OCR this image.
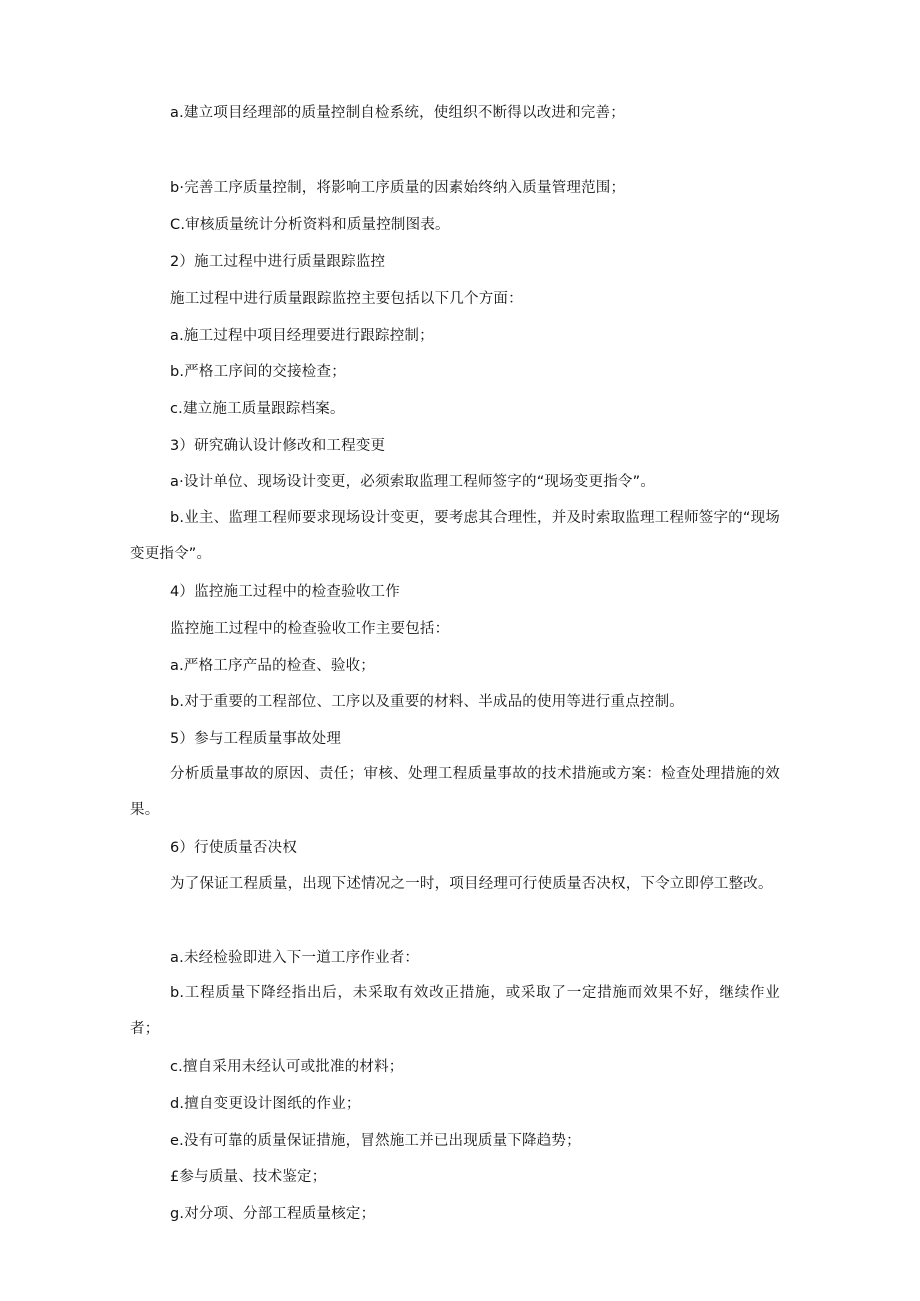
a.建立项目经理部的质量控制自检系统，使组织不断得以改进和完善；
b·完善工序质量控制，将影响工序质量的因素始终纳入质量管理范围；
C.审核质量统计分析资料和质量控制图表。
2）施工过程中进行质量跟踪监控
施工过程中进行质量跟踪监控主要包括以下几个方面：
a.施工过程中项目经理要进行跟踪控制；
b.严格工序间的交接检查；
c.建立施工质量跟踪档案。
3）研究确认设计修改和工程变更
a·设计单位、现场设计变更，必须索取监理工程师签字的“现场变更指令”。
b.业主、监理工程师要求现场设计变更，要考虑其合理性，并及时索取监理工程师签字的“现场变更指令”。
4）监控施工过程中的检查验收工作
监控施工过程中的检查验收工作主要包括：
a.严格工序产品的检查、验收；
b.对于重要的工程部位、工序以及重要的材料、半成品的使用等进行重点控制。
5）参与工程质量事故处理
分析质量事故的原因、责任；审核、处理工程质量事故的技术措施或方案：检查处理措施的效果。
6）行使质量否决权
为了保证工程质量，出现下述情况之一时，项目经理可行使质量否决权，下令立即停工整改。
a.未经检验即进入下一道工序作业者：
b.工程质量下降经指出后，未采取有效改正措施，或采取了一定措施而效果不好，继续作业者；
c.擅自采用未经认可或批准的材料；
d.擅自变更设计图纸的作业；
e.没有可靠的质量保证措施，冒然施工并已出现质量下降趋势；
£参与质量、技术鉴定；
g.对分项、分部工程质量核定；
